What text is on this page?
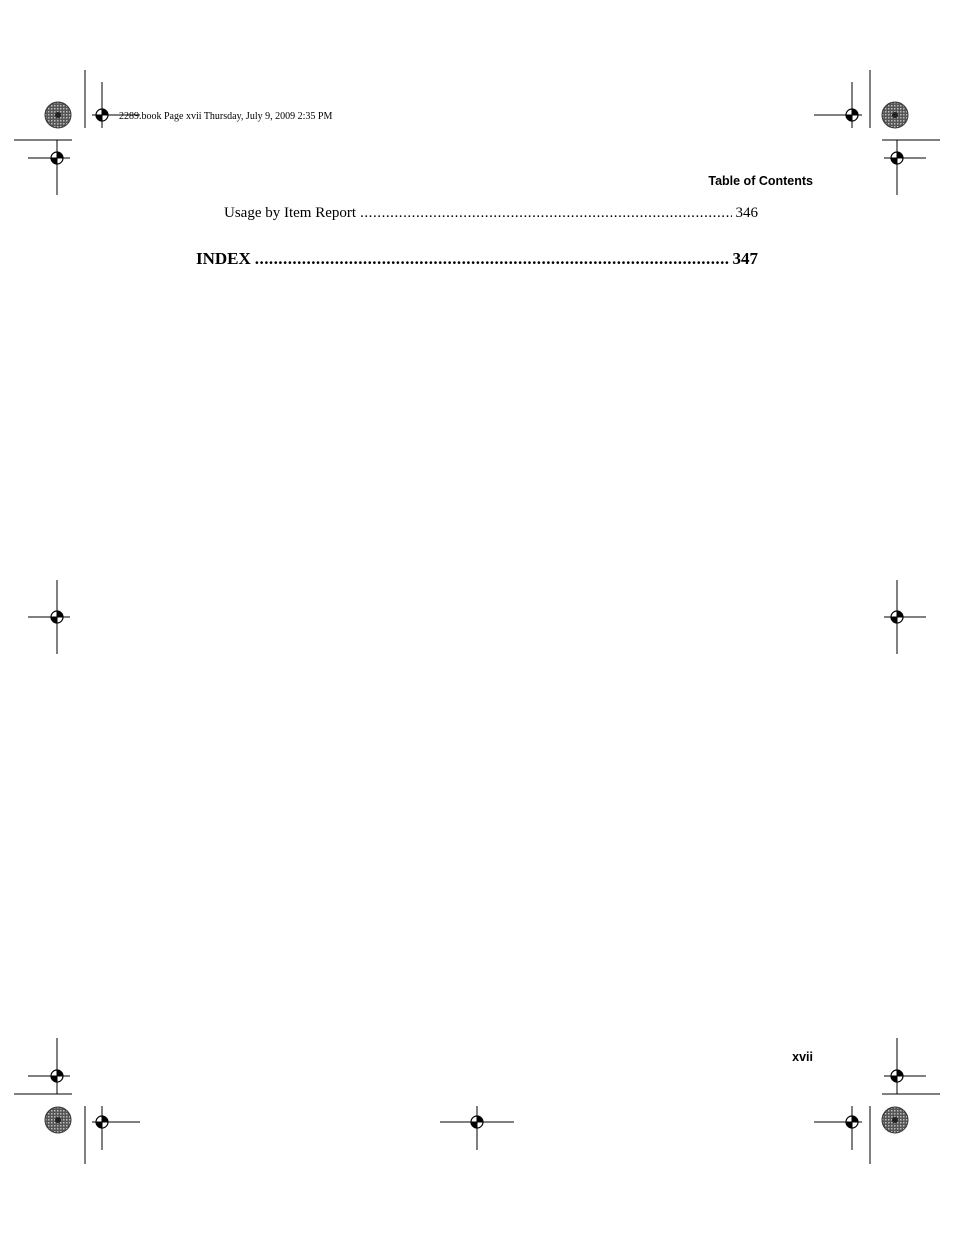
2289.book Page xvii Thursday, July 9, 2009 2:35 PM
Table of Contents
Usage by Item Report . . .	346
INDEX . . .	347
xvii
